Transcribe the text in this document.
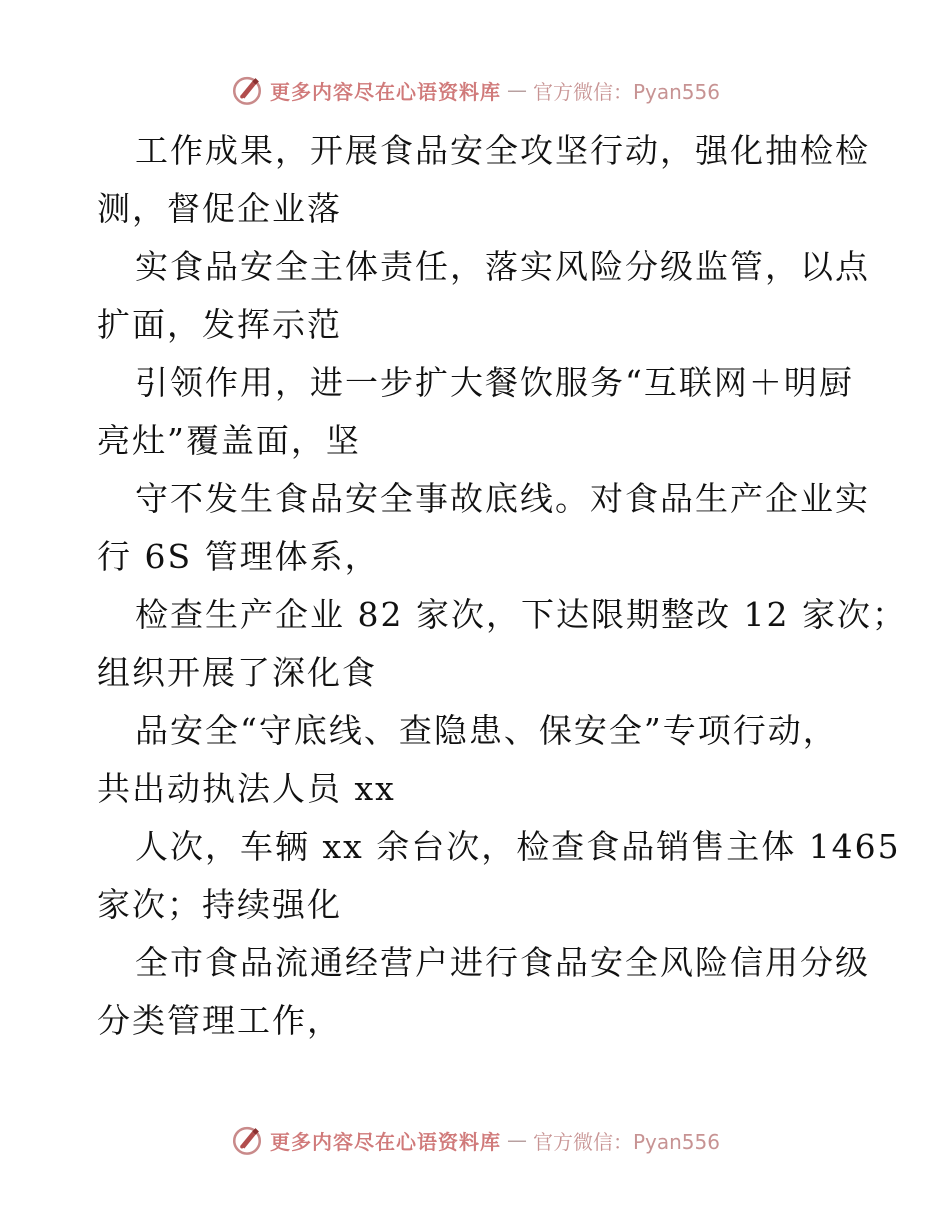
更多内容尽在心语资料库 — 官方微信：Pyan556
工作成果，开展食品安全攻坚行动，强化抽检检
测，督促企业落
实食品安全主体责任，落实风险分级监管，以点
扩面，发挥示范
引领作用，进一步扩大餐饮服务“互联网＋明厨
亮灶”覆盖面，坚
守不发生食品安全事故底线。对食品生产企业实
行 6S 管理体系，
检查生产企业 82 家次，下达限期整改 12 家次；
组织开展了深化食
品安全“守底线、查隐患、保安全”专项行动，
共出动执法人员 xx
人次，车辆 xx 余台次，检查食品销售主体 1465
家次；持续强化
全市食品流通经营户进行食品安全风险信用分级
分类管理工作，
更多内容尽在心语资料库 — 官方微信：Pyan556
